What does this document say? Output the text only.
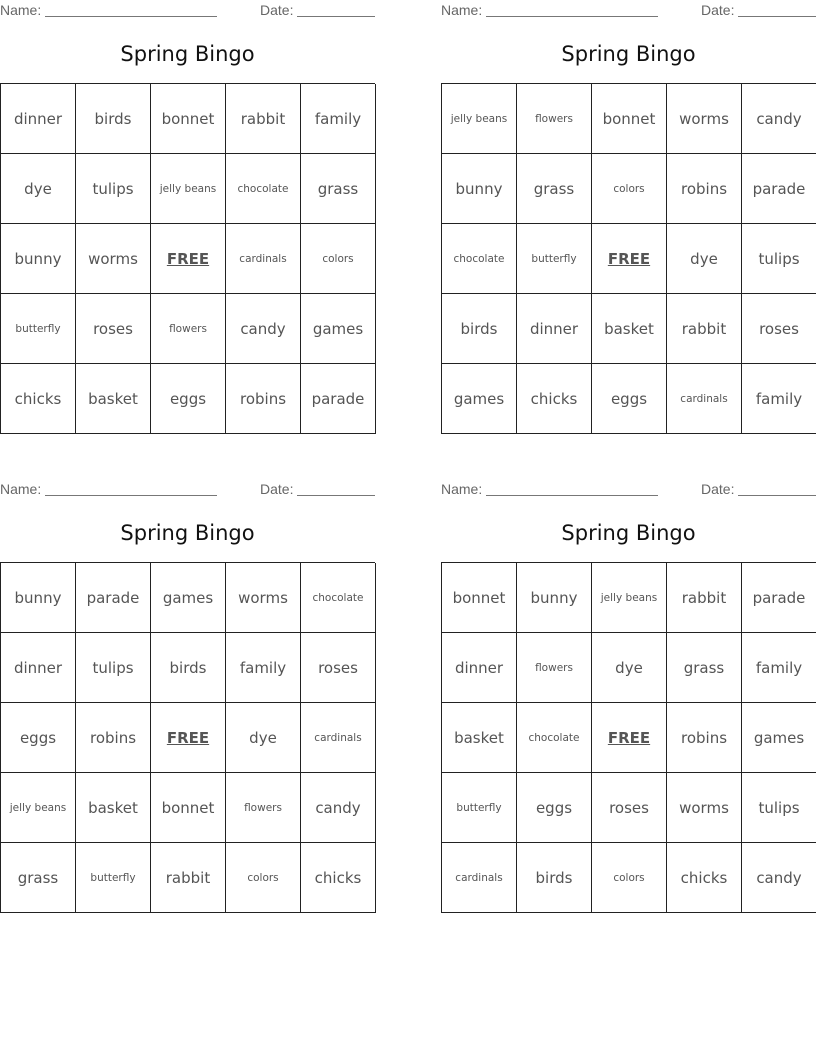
Name:	Date:
Spring Bingo
dinner	birds	bonnet	rabbit	family
dye	tulips	jelly beans	chocolate	grass
bunny	worms	FREE	cardinals	colors
butterfly	roses	flowers	candy	games
chicks	basket	eggs	robins	parade
Name:	Date:
Spring Bingo
jelly beans	flowers	bonnet	worms	candy
bunny	grass	colors	robins	parade
chocolate	butterfly	FREE	dye	tulips
birds	dinner	basket	rabbit	roses
games	chicks	eggs	cardinals	family
Name:	Date:
Spring Bingo
bunny	parade	games	worms	chocolate
dinner	tulips	birds	family	roses
eggs	robins	FREE	dye	cardinals
jelly beans	basket	bonnet	flowers	candy
grass	butterfly	rabbit	colors	chicks
Name:	Date:
Spring Bingo
bonnet	bunny	jelly beans	rabbit	parade
dinner	flowers	dye	grass	family
basket	chocolate	FREE	robins	games
butterfly	eggs	roses	worms	tulips
cardinals	birds	colors	chicks	candy
